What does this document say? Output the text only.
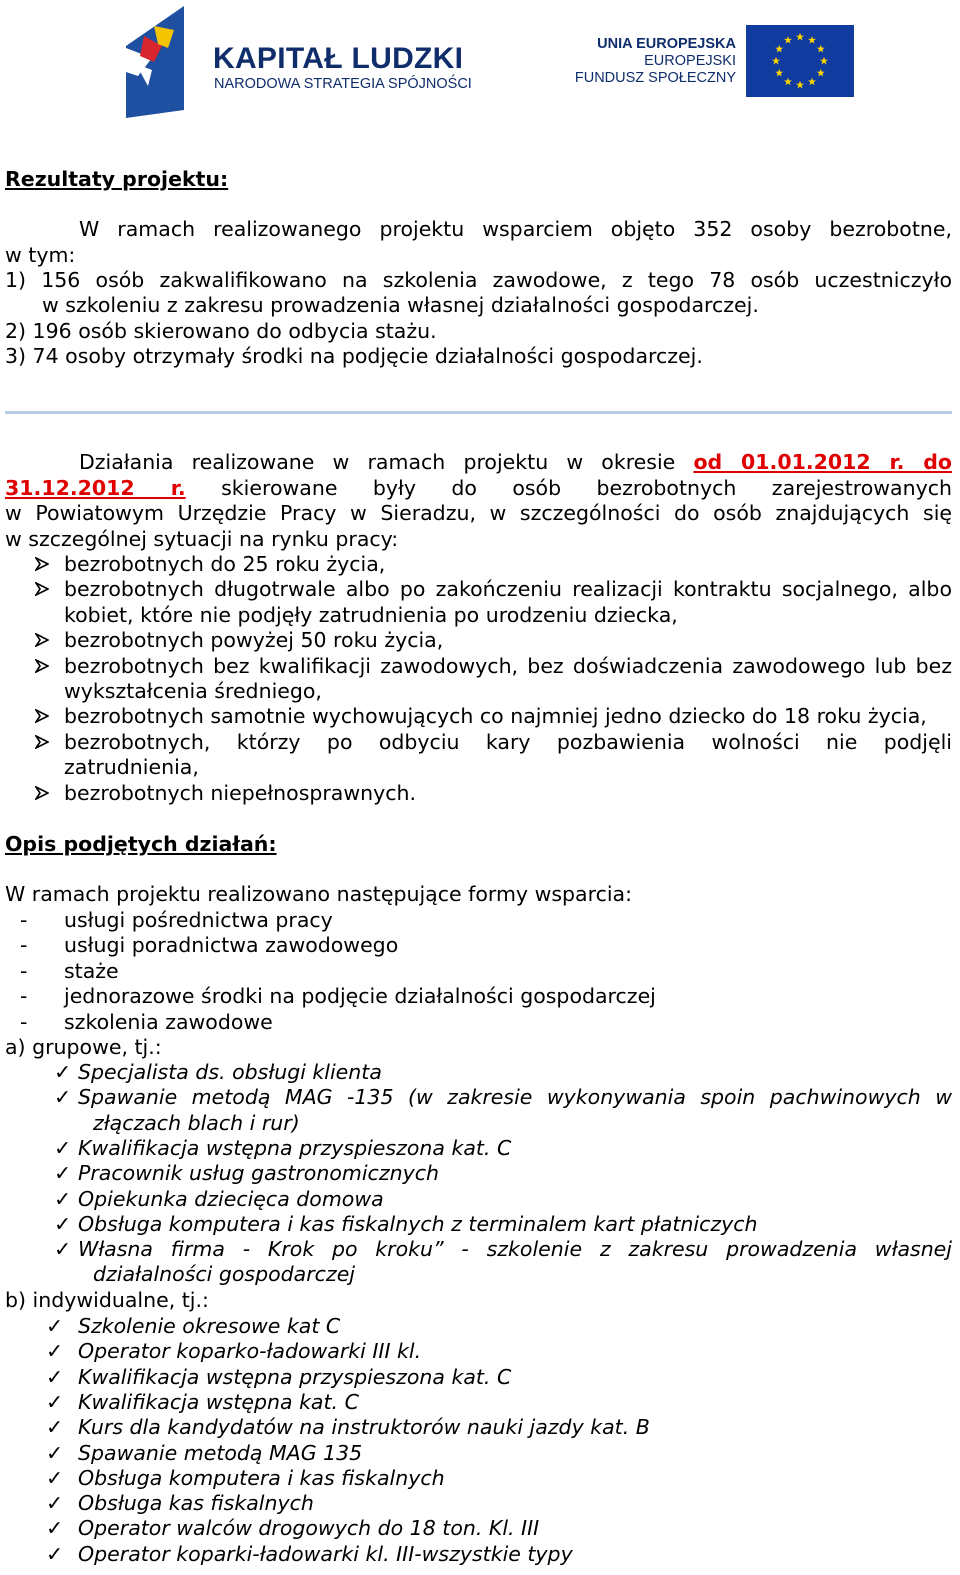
KAPITAŁ LUDZKI
NARODOWA STRATEGIA SPÓJNOŚCI
UNIA EUROPEJSKA
EUROPEJSKI
FUNDUSZ SPOŁECZNY
Rezultaty projektu:
W ramach realizowanego projektu wsparciem objęto 352 osoby bezrobotne,
w tym:
1) 156 osób zakwalifikowano na szkolenia zawodowe, z tego 78 osób uczestniczyło
w szkoleniu z zakresu prowadzenia własnej działalności gospodarczej.
2) 196 osób skierowano do odbycia stażu.
3) 74 osoby otrzymały środki na podjęcie działalności gospodarczej.
Działania realizowane w ramach projektu w okresie od 01.01.2012 r. do
31.12.2012 r. skierowane były do osób bezrobotnych zarejestrowanych
w Powiatowym Urzędzie Pracy w Sieradzu, w szczególności do osób znajdujących się
w szczególnej sytuacji na rynku pracy:
bezrobotnych do 25 roku życia,
bezrobotnych długotrwale albo po zakończeniu realizacji kontraktu socjalnego, albo
kobiet, które nie podjęły zatrudnienia po urodzeniu dziecka,
bezrobotnych powyżej 50 roku życia,
bezrobotnych bez kwalifikacji zawodowych, bez doświadczenia zawodowego lub bez
wykształcenia średniego,
bezrobotnych samotnie wychowujących co najmniej jedno dziecko do 18 roku życia,
bezrobotnych, którzy po odbyciu kary pozbawienia wolności nie podjęli
zatrudnienia,
bezrobotnych niepełnosprawnych.
Opis podjętych działań:
W ramach projektu realizowano następujące formy wsparcia:
- usługi pośrednictwa pracy
- usługi poradnictwa zawodowego
- staże
- jednorazowe środki na podjęcie działalności gospodarczej
- szkolenia zawodowe
a) grupowe, tj.:
✓ Specjalista ds. obsługi klienta
✓ Spawanie metodą MAG -135 (w zakresie wykonywania spoin pachwinowych w
złączach blach i rur)
✓ Kwalifikacja wstępna przyspieszona kat. C
✓ Pracownik usług gastronomicznych
✓ Opiekunka dziecięca domowa
✓ Obsługa komputera i kas fiskalnych z terminalem kart płatniczych
✓ Własna firma - Krok po kroku” - szkolenie z zakresu prowadzenia własnej
działalności gospodarczej
b) indywidualne, tj.:
✓ Szkolenie okresowe kat C
✓ Operator koparko-ładowarki III kl.
✓ Kwalifikacja wstępna przyspieszona kat. C
✓ Kwalifikacja wstępna kat. C
✓ Kurs dla kandydatów na instruktorów nauki jazdy kat. B
✓ Spawanie metodą MAG 135
✓ Obsługa komputera i kas fiskalnych
✓ Obsługa kas fiskalnych
✓ Operator walców drogowych do 18 ton. Kl. III
✓ Operator koparki-ładowarki kl. III-wszystkie typy
